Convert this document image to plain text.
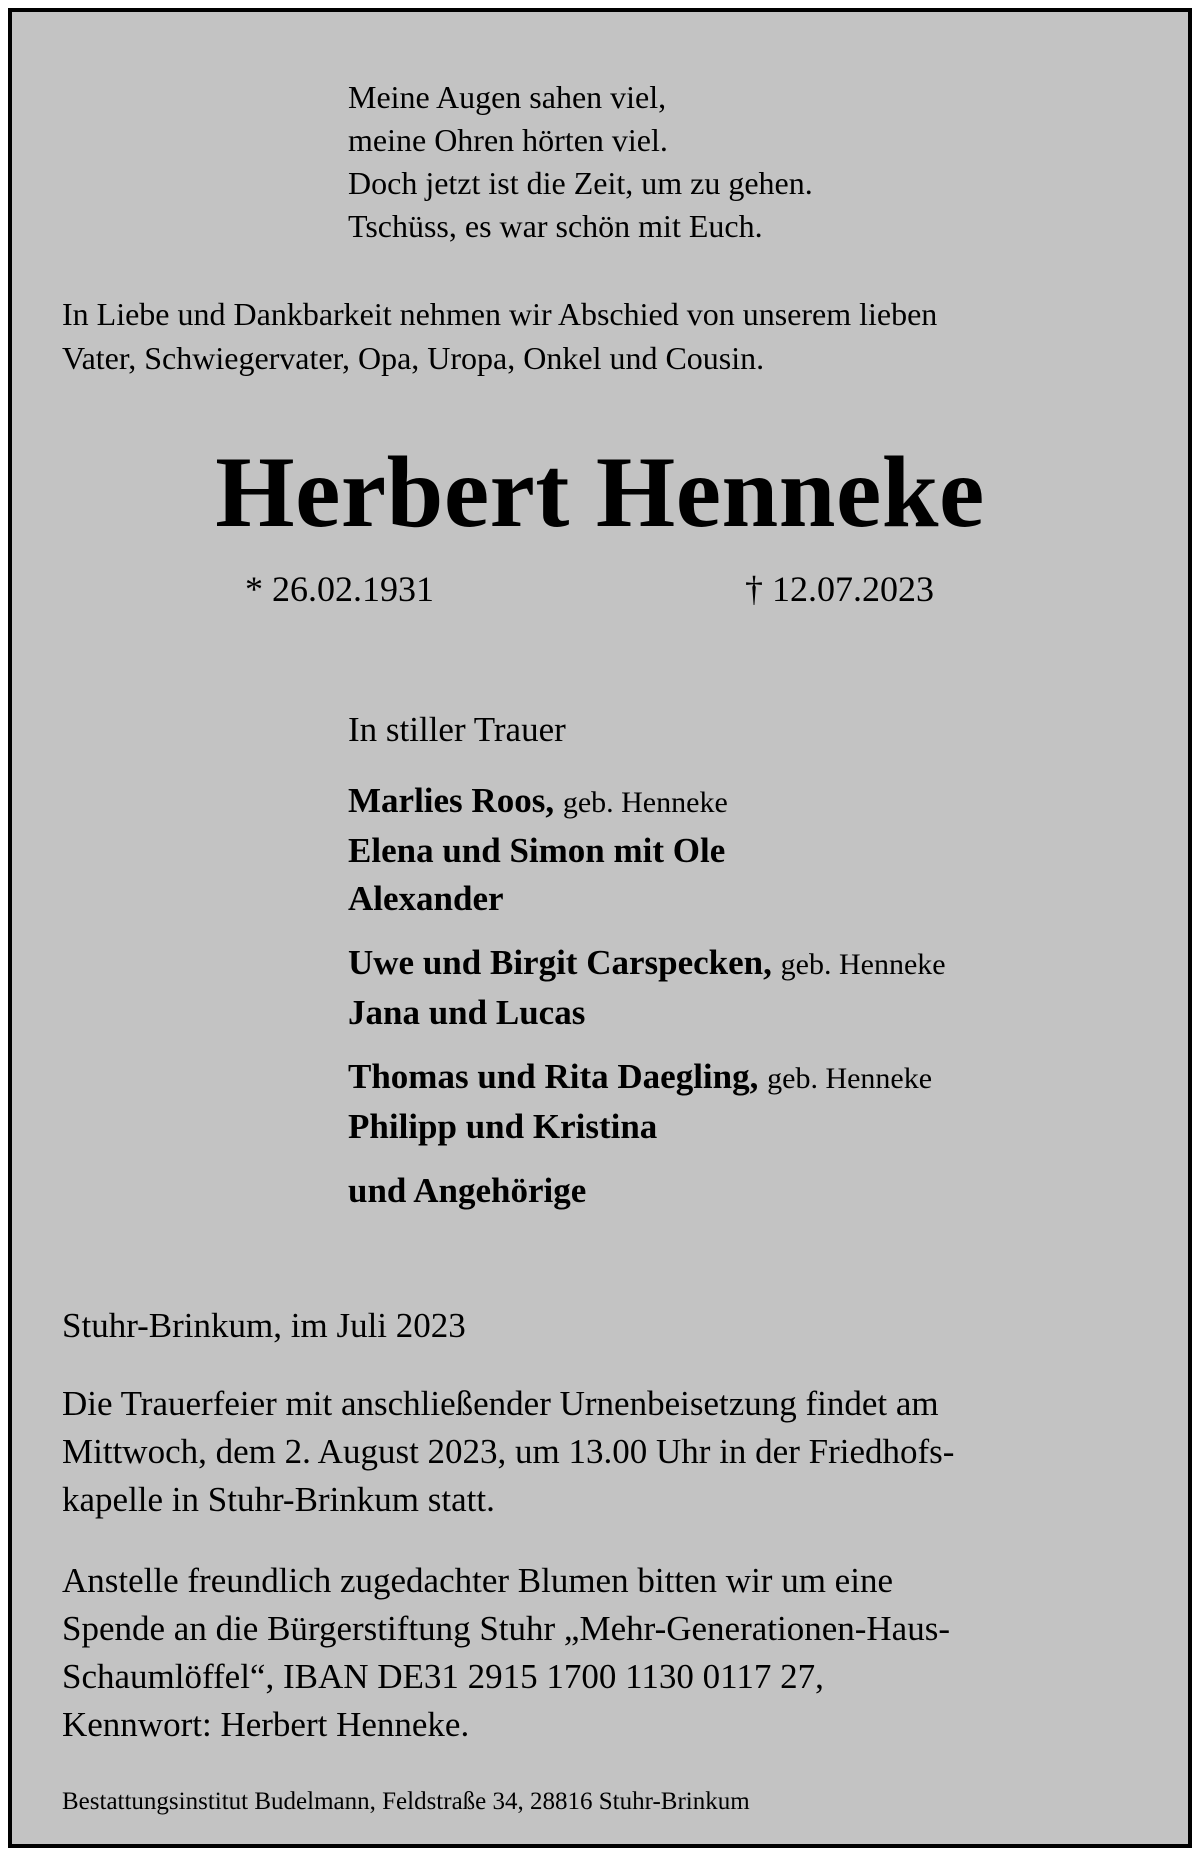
Meine Augen sahen viel,
meine Ohren hörten viel.
Doch jetzt ist die Zeit, um zu gehen.
Tschüss, es war schön mit Euch.
In Liebe und Dankbarkeit nehmen wir Abschied von unserem lieben
Vater, Schwiegervater, Opa, Uropa, Onkel und Cousin.
Herbert Henneke
* 26.02.1931	† 12.07.2023
In stiller Trauer
Marlies Roos, geb. Henneke
Elena und Simon mit Ole
Alexander
Uwe und Birgit Carspecken, geb. Henneke
Jana und Lucas
Thomas und Rita Daegling, geb. Henneke
Philipp und Kristina
und Angehörige
Stuhr-Brinkum, im Juli 2023
Die Trauerfeier mit anschließender Urnenbeisetzung findet am
Mittwoch, dem 2. August 2023, um 13.00 Uhr in der Friedhofs-
kapelle in Stuhr-Brinkum statt.
Anstelle freundlich zugedachter Blumen bitten wir um eine
Spende an die Bürgerstiftung Stuhr „Mehr-Generationen-Haus-
Schaumlöffel“, IBAN DE31 2915 1700 1130 0117 27,
Kennwort: Herbert Henneke.
Bestattungsinstitut Budelmann, Feldstraße 34, 28816 Stuhr-Brinkum
